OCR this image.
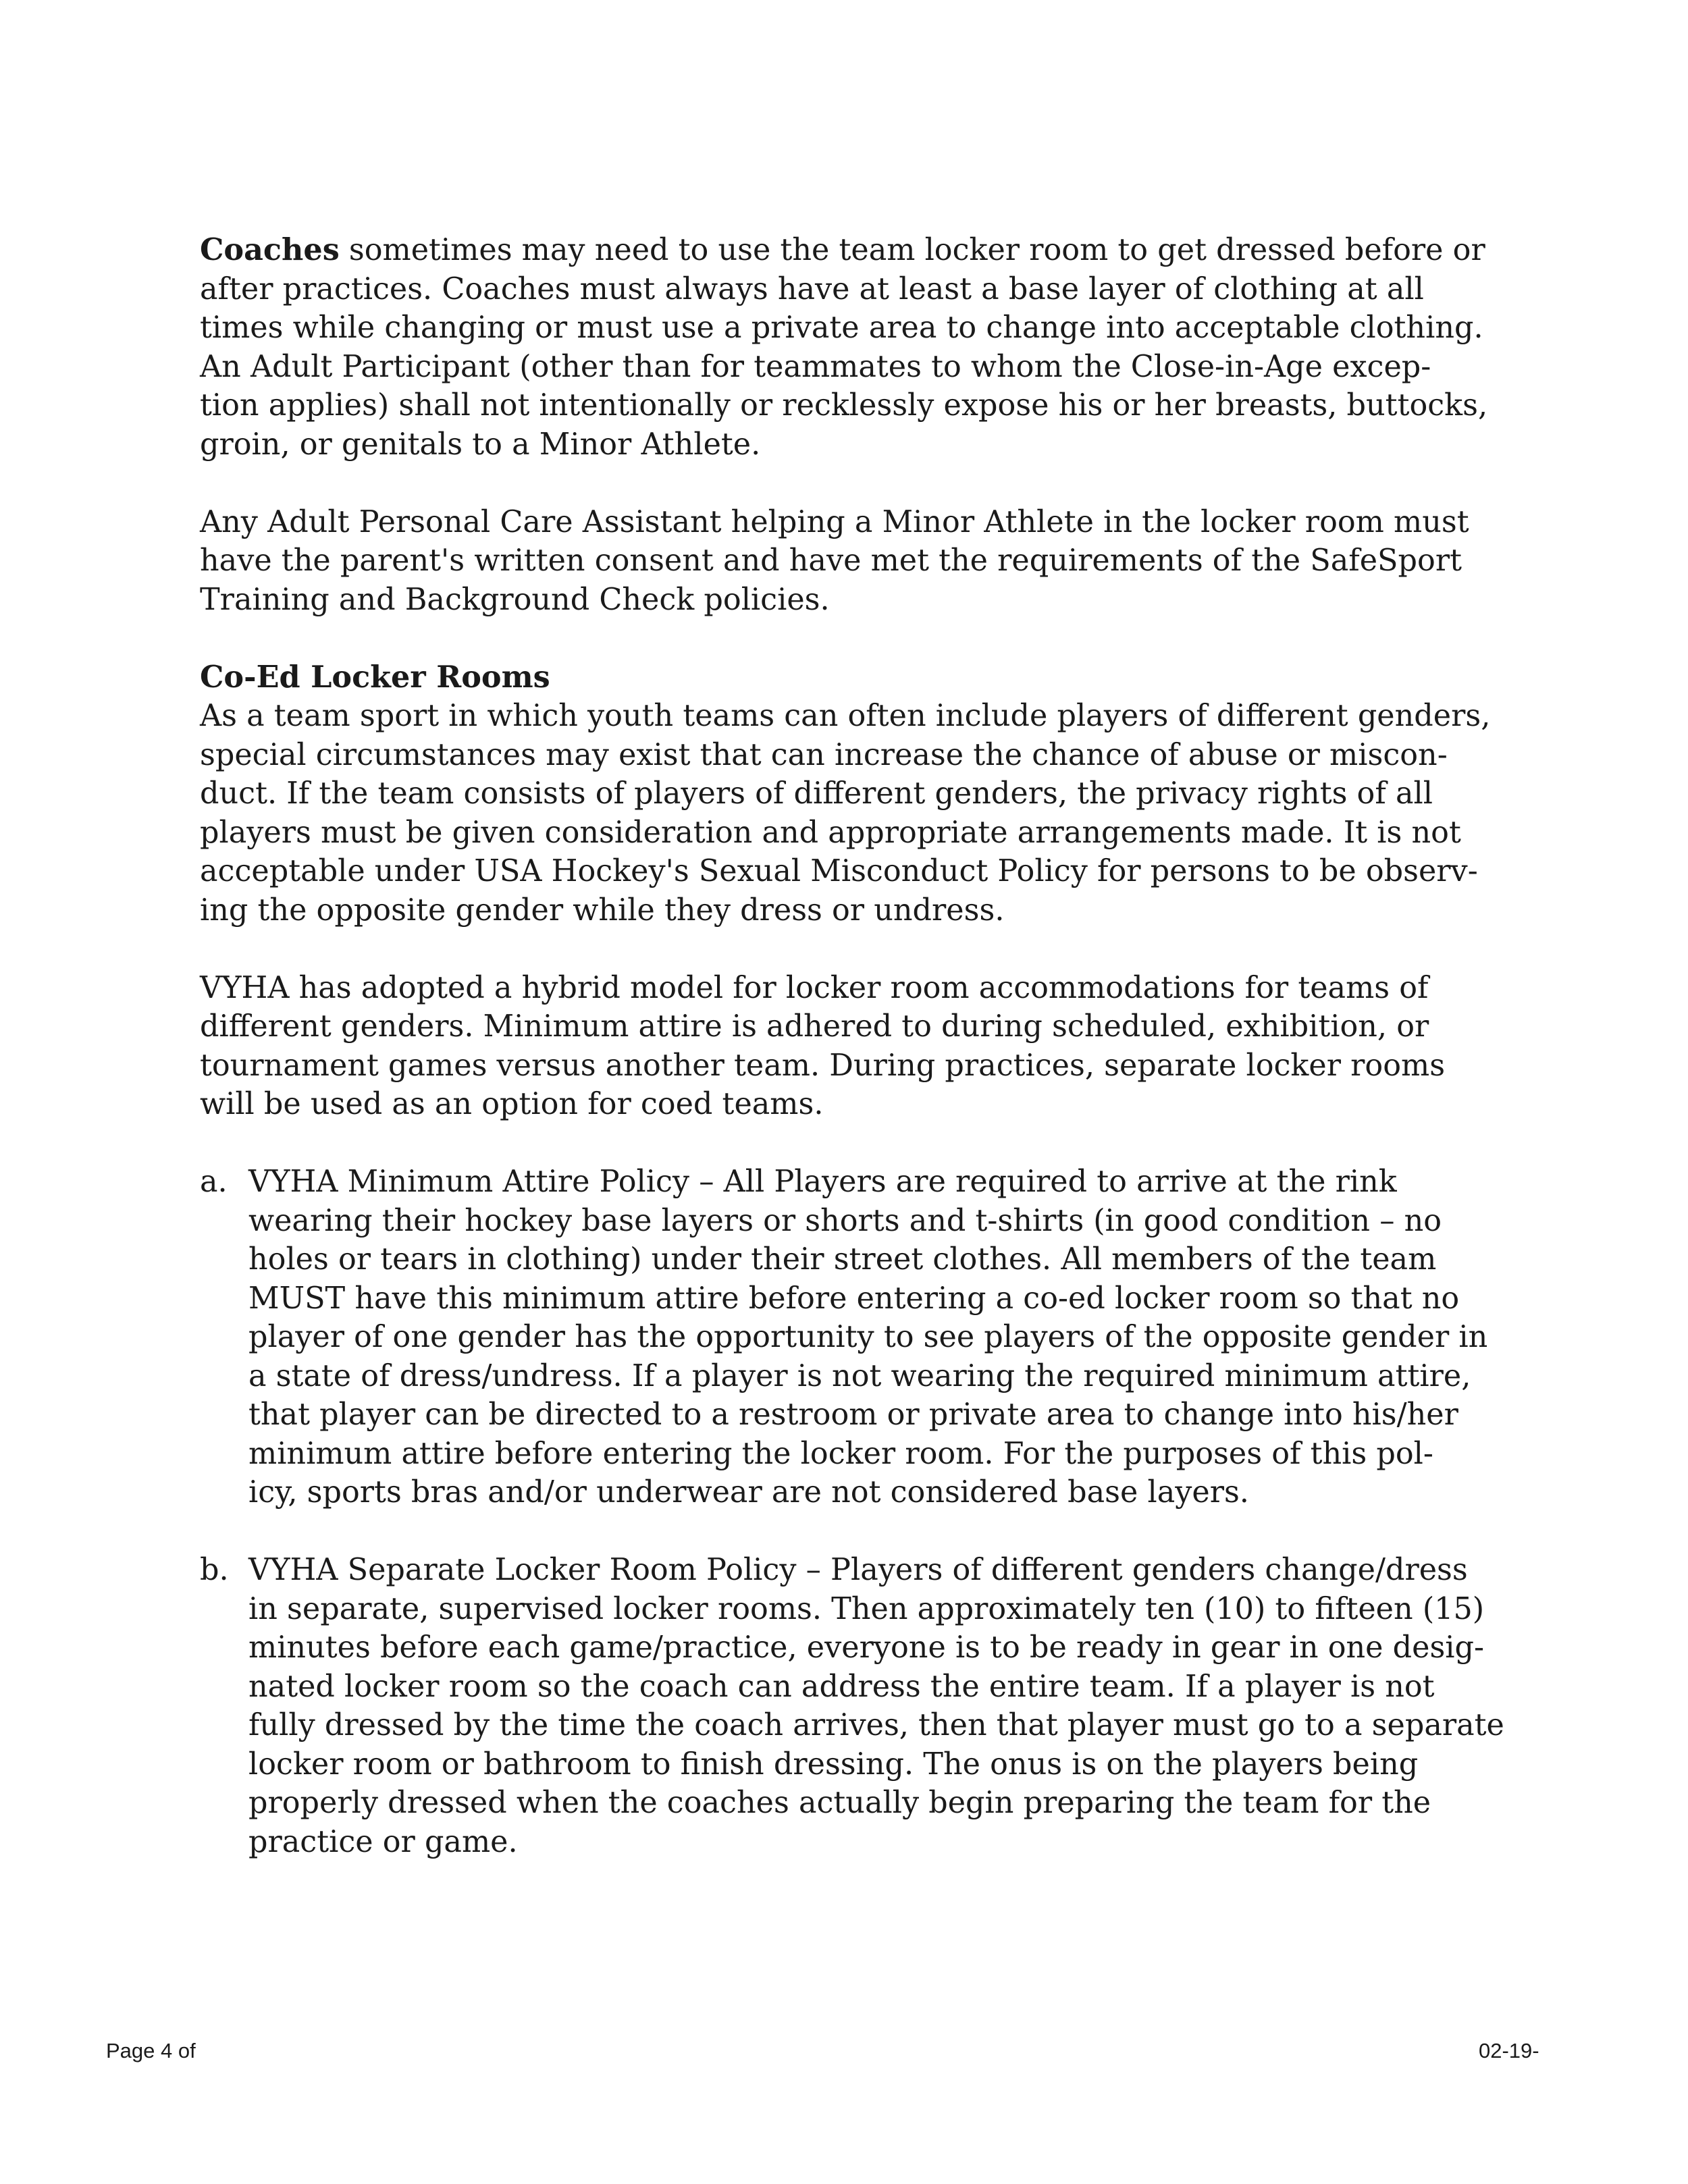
Coaches sometimes may need to use the team locker room to get dressed before or
after practices. Coaches must always have at least a base layer of clothing at all
times while changing or must use a private area to change into acceptable clothing.
An Adult Participant (other than for teammates to whom the Close-in-Age excep-
tion applies) shall not intentionally or recklessly expose his or her breasts, buttocks,
groin, or genitals to a Minor Athlete.

Any Adult Personal Care Assistant helping a Minor Athlete in the locker room must
have the parent's written consent and have met the requirements of the SafeSport
Training and Background Check policies.

Co-Ed Locker Rooms
As a team sport in which youth teams can often include players of different genders,
special circumstances may exist that can increase the chance of abuse or miscon-
duct. If the team consists of players of different genders, the privacy rights of all
players must be given consideration and appropriate arrangements made. It is not
acceptable under USA Hockey's Sexual Misconduct Policy for persons to be observ-
ing the opposite gender while they dress or undress.

VYHA has adopted a hybrid model for locker room accommodations for teams of
different genders. Minimum attire is adhered to during scheduled, exhibition, or
tournament games versus another team. During practices, separate locker rooms
will be used as an option for coed teams.

a. VYHA Minimum Attire Policy – All Players are required to arrive at the rink
wearing their hockey base layers or shorts and t-shirts (in good condition – no
holes or tears in clothing) under their street clothes. All members of the team
MUST have this minimum attire before entering a co-ed locker room so that no
player of one gender has the opportunity to see players of the opposite gender in
a state of dress/undress. If a player is not wearing the required minimum attire,
that player can be directed to a restroom or private area to change into his/her
minimum attire before entering the locker room. For the purposes of this pol-
icy, sports bras and/or underwear are not considered base layers.
b. VYHA Separate Locker Room Policy – Players of different genders change/dress
in separate, supervised locker rooms. Then approximately ten (10) to fifteen (15)
minutes before each game/practice, everyone is to be ready in gear in one desig-
nated locker room so the coach can address the entire team. If a player is not
fully dressed by the time the coach arrives, then that player must go to a separate
locker room or bathroom to finish dressing. The onus is on the players being
properly dressed when the coaches actually begin preparing the team for the
practice or game.
Page 4 of	02-19-
